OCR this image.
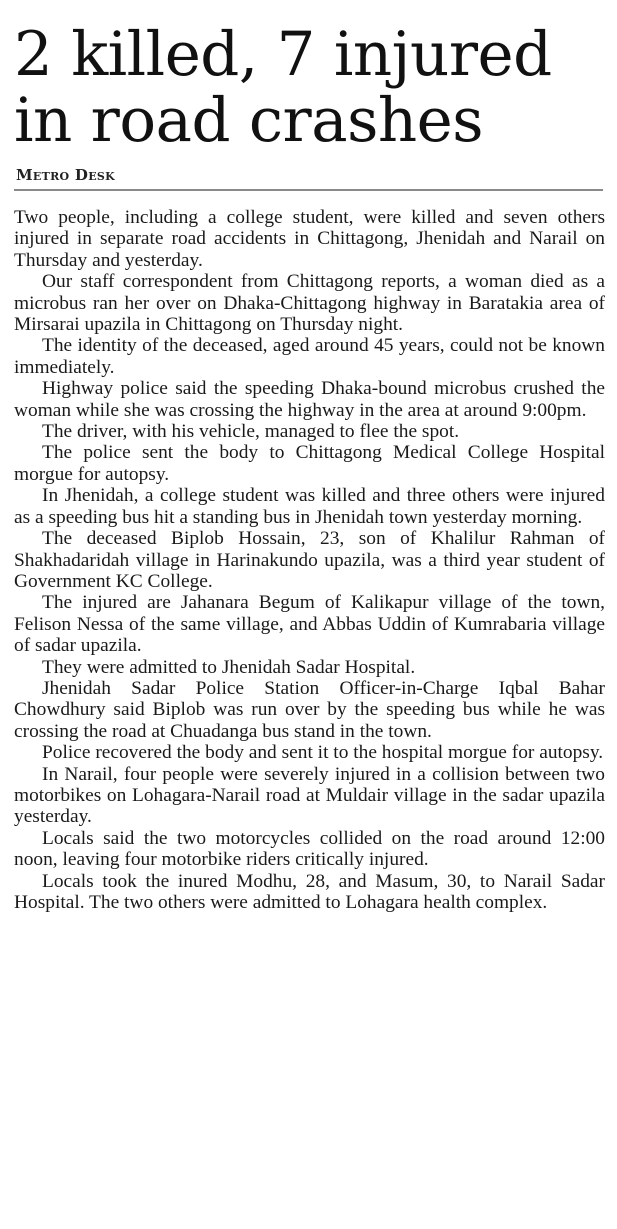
2 killed, 7 injured
in road crashes
Metro Desk

Two people, including a college student, were killed and seven others injured in separate road accidents in Chittagong, Jhenidah and Narail on Thursday and yesterday.

Our staff correspondent from Chittagong reports, a woman died as a microbus ran her over on Dhaka-Chittagong highway in Baratakia area of Mirsarai upazila in Chittagong on Thursday night.

The identity of the deceased, aged around 45 years, could not be known immediately.

Highway police said the speeding Dhaka-bound microbus crushed the woman while she was crossing the highway in the area at around 9:00pm.

The driver, with his vehicle, managed to flee the spot.

The police sent the body to Chittagong Medical College Hospital morgue for autopsy.

In Jhenidah, a college student was killed and three others were injured as a speeding bus hit a standing bus in Jhenidah town yesterday morning.

The deceased Biplob Hossain, 23, son of Khalilur Rahman of Shakhadaridah village in Harinakundo upazila, was a third year student of Government KC College.

The injured are Jahanara Begum of Kalikapur village of the town, Felison Nessa of the same village, and Abbas Uddin of Kumrabaria village of sadar upazila.

They were admitted to Jhenidah Sadar Hospital.

Jhenidah Sadar Police Station Officer-in-Charge Iqbal Bahar Chowdhury said Biplob was run over by the speeding bus while he was crossing the road at Chuadanga bus stand in the town.

Police recovered the body and sent it to the hospital morgue for autopsy.

In Narail, four people were severely injured in a collision between two motorbikes on Lohagara-Narail road at Muldair village in the sadar upazila yesterday.

Locals said the two motorcycles collided on the road around 12:00 noon, leaving four motorbike riders critically injured.

Locals took the inured Modhu, 28, and Masum, 30, to Narail Sadar Hospital. The two others were admitted to Lohagara health complex.
